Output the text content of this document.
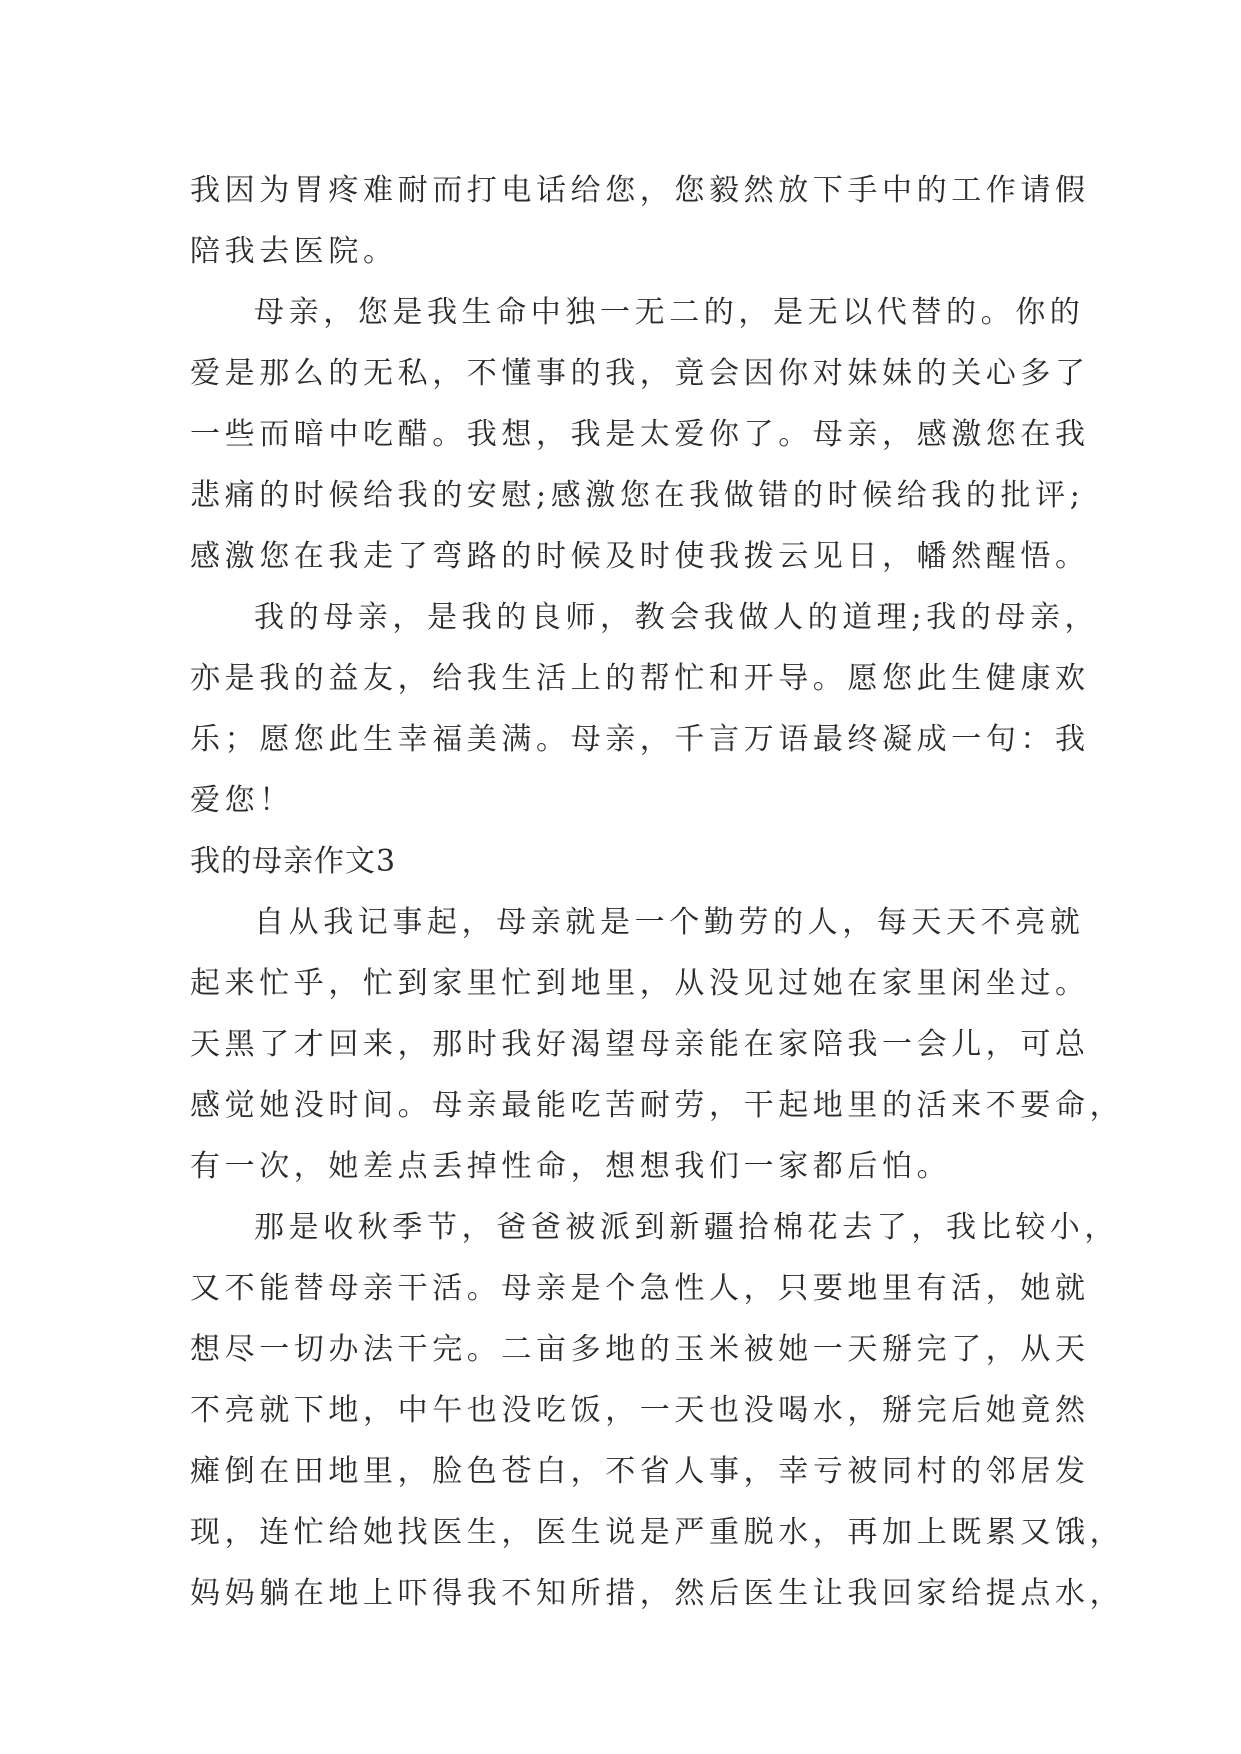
我因为胃疼难耐而打电话给您，您毅然放下手中的工作请假
陪我去医院。
母亲，您是我生命中独一无二的，是无以代替的。你的
爱是那么的无私，不懂事的我，竟会因你对妹妹的关心多了
一些而暗中吃醋。我想，我是太爱你了。母亲，感激您在我
悲痛的时候给我的安慰;感激您在我做错的时候给我的批评;
感激您在我走了弯路的时候及时使我拨云见日，幡然醒悟。
我的母亲，是我的良师，教会我做人的道理;我的母亲，
亦是我的益友，给我生活上的帮忙和开导。愿您此生健康欢
乐；愿您此生幸福美满。母亲，千言万语最终凝成一句：我
爱您！
我的母亲作文3
自从我记事起，母亲就是一个勤劳的人，每天天不亮就
起来忙乎，忙到家里忙到地里，从没见过她在家里闲坐过。
天黑了才回来，那时我好渴望母亲能在家陪我一会儿，可总
感觉她没时间。母亲最能吃苦耐劳，干起地里的活来不要命，
有一次，她差点丢掉性命，想想我们一家都后怕。
那是收秋季节，爸爸被派到新疆拾棉花去了，我比较小，
又不能替母亲干活。母亲是个急性人，只要地里有活，她就
想尽一切办法干完。二亩多地的玉米被她一天掰完了，从天
不亮就下地，中午也没吃饭，一天也没喝水，掰完后她竟然
瘫倒在田地里，脸色苍白，不省人事，幸亏被同村的邻居发
现，连忙给她找医生，医生说是严重脱水，再加上既累又饿，
妈妈躺在地上吓得我不知所措，然后医生让我回家给提点水，
